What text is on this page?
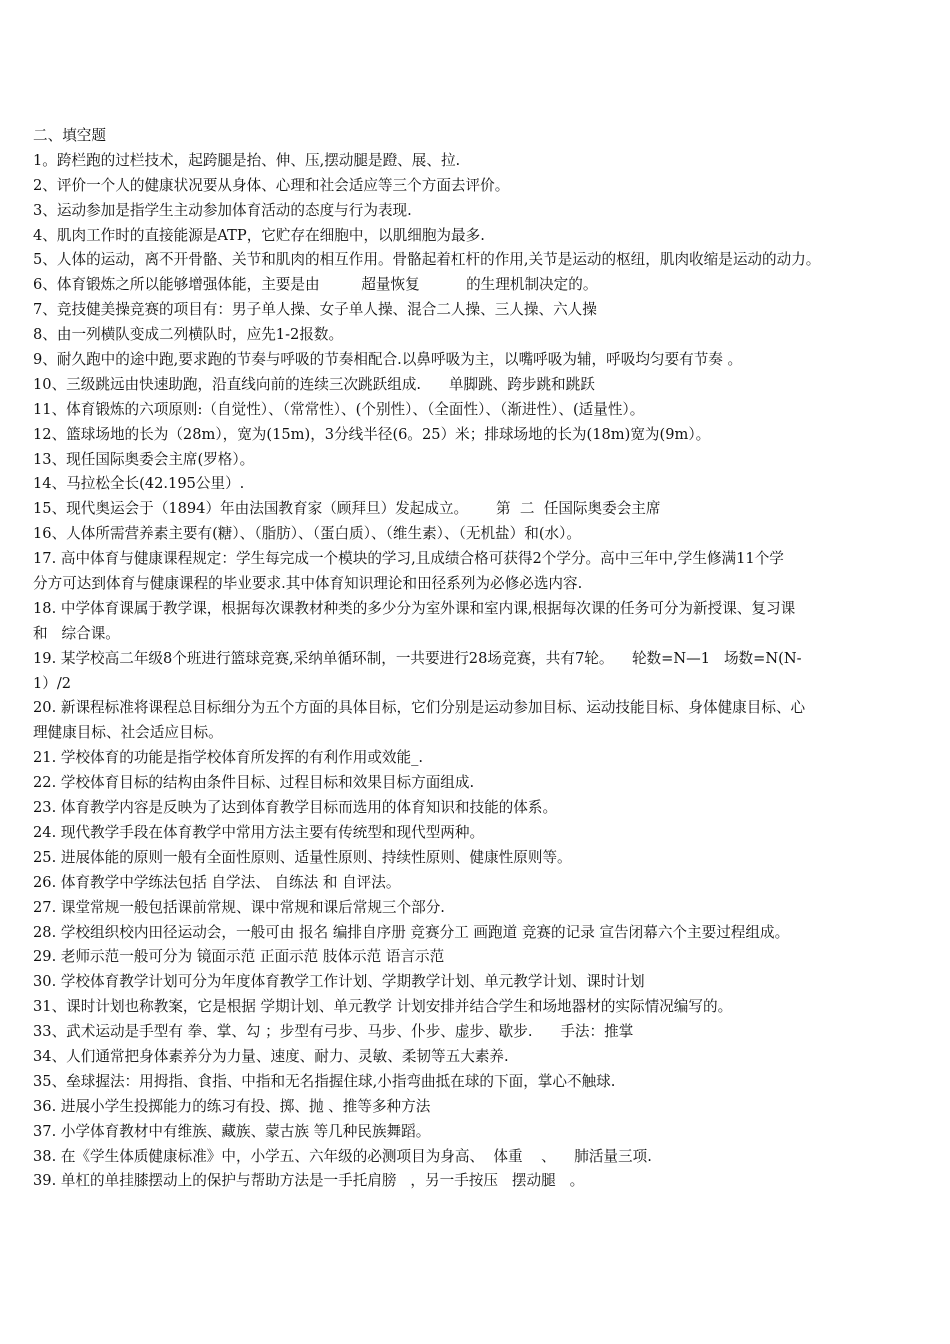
二、填空题
1。跨栏跑的过栏技术，起跨腿是抬、伸、压,摆动腿是蹬、展、拉.
2、评价一个人的健康状况要从身体、心理和社会适应等三个方面去评价。
3、运动参加是指学生主动参加体育活动的态度与行为表现.
4、肌肉工作时的直接能源是ATP，它贮存在细胞中，以肌细胞为最多.
5、人体的运动，离不开骨骼、关节和肌肉的相互作用。骨骼起着杠杆的作用,关节是运动的枢纽，肌肉收缩是运动的动力。
6、体育锻炼之所以能够增强体能，主要是由         超量恢复          的生理机制决定的。
7、竞技健美操竞赛的项目有：男子单人操、女子单人操、混合二人操、三人操、六人操
8、由一列横队变成二列横队时，应先1-2报数。
9、耐久跑中的途中跑,要求跑的节奏与呼吸的节奏相配合.以鼻呼吸为主，以嘴呼吸为辅，呼吸均匀要有节奏 。
10、三级跳远由快速助跑，沿直线向前的连续三次跳跃组成.      单脚跳、跨步跳和跳跃
11、体育锻炼的六项原则:（自觉性）、（常常性）、(个别性）、（全面性）、（渐进性）、(适量性）。
12、篮球场地的长为（28m），宽为(15m)，3分线半径(6。25）米；排球场地的长为(18m)宽为(9m）。
13、现任国际奥委会主席(罗格）。
14、马拉松全长(42.195公里）.
15、现代奥运会于（1894）年由法国教育家（顾拜旦）发起成立。      第  二  任国际奥委会主席
16、人体所需营养素主要有(糖）、（脂肪）、（蛋白质）、（维生素）、（无机盐）和(水）。
17. 高中体育与健康课程规定：学生每完成一个模块的学习,且成绩合格可获得2个学分。高中三年中,学生修满11个学
分方可达到体育与健康课程的毕业要求.其中体育知识理论和田径系列为必修必选内容.
18. 中学体育课属于教学课，根据每次课教材种类的多少分为室外课和室内课,根据每次课的任务可分为新授课、复习课
和   综合课。
19. 某学校高二年级8个班进行篮球竞赛,采纳单循环制，一共要进行28场竞赛，共有7轮。    轮数=N—1   场数=N(N-
1）/2
20. 新课程标准将课程总目标细分为五个方面的具体目标，它们分别是运动参加目标、运动技能目标、身体健康目标、心
理健康目标、社会适应目标。
21. 学校体育的功能是指学校体育所发挥的有利作用或效能_.
22. 学校体育目标的结构由条件目标、过程目标和效果目标方面组成.
23. 体育教学内容是反映为了达到体育教学目标而选用的体育知识和技能的体系。
24. 现代教学手段在体育教学中常用方法主要有传统型和现代型两种。
25. 进展体能的原则一般有全面性原则、适量性原则、持续性原则、健康性原则等。
26. 体育教学中学练法包括 自学法、 自练法 和 自评法。
27. 课堂常规一般包括课前常规、课中常规和课后常规三个部分.
28. 学校组织校内田径运动会，一般可由 报名 编排自序册 竞赛分工 画跑道 竞赛的记录 宣告闭幕六个主要过程组成。
29. 老师示范一般可分为 镜面示范 正面示范 肢体示范 语言示范
30. 学校体育教学计划可分为年度体育教学工作计划、学期教学计划、单元教学计划、课时计划
31、课时计划也称教案，它是根据 学期计划、单元教学 计划安排并结合学生和场地器材的实际情况编写的。
33、武术运动是手型有 拳、掌、勾 ；步型有弓步、马步、仆步、虚步、歇步.      手法：推掌
34、人们通常把身体素养分为力量、速度、耐力、灵敏、柔韧等五大素养.
35、垒球握法：用拇指、食指、中指和无名指握住球,小指弯曲抵在球的下面，掌心不触球.
36. 进展小学生投掷能力的练习有投、掷、抛 、推等多种方法
37. 小学体育教材中有维族、藏族、蒙古族 等几种民族舞蹈。
38. 在《学生体质健康标准》中，小学五、六年级的必测项目为身高、  体重    、    肺活量三项.
39. 单杠的单挂膝摆动上的保护与帮助方法是一手托肩膀   ，另一手按压   摆动腿   。
